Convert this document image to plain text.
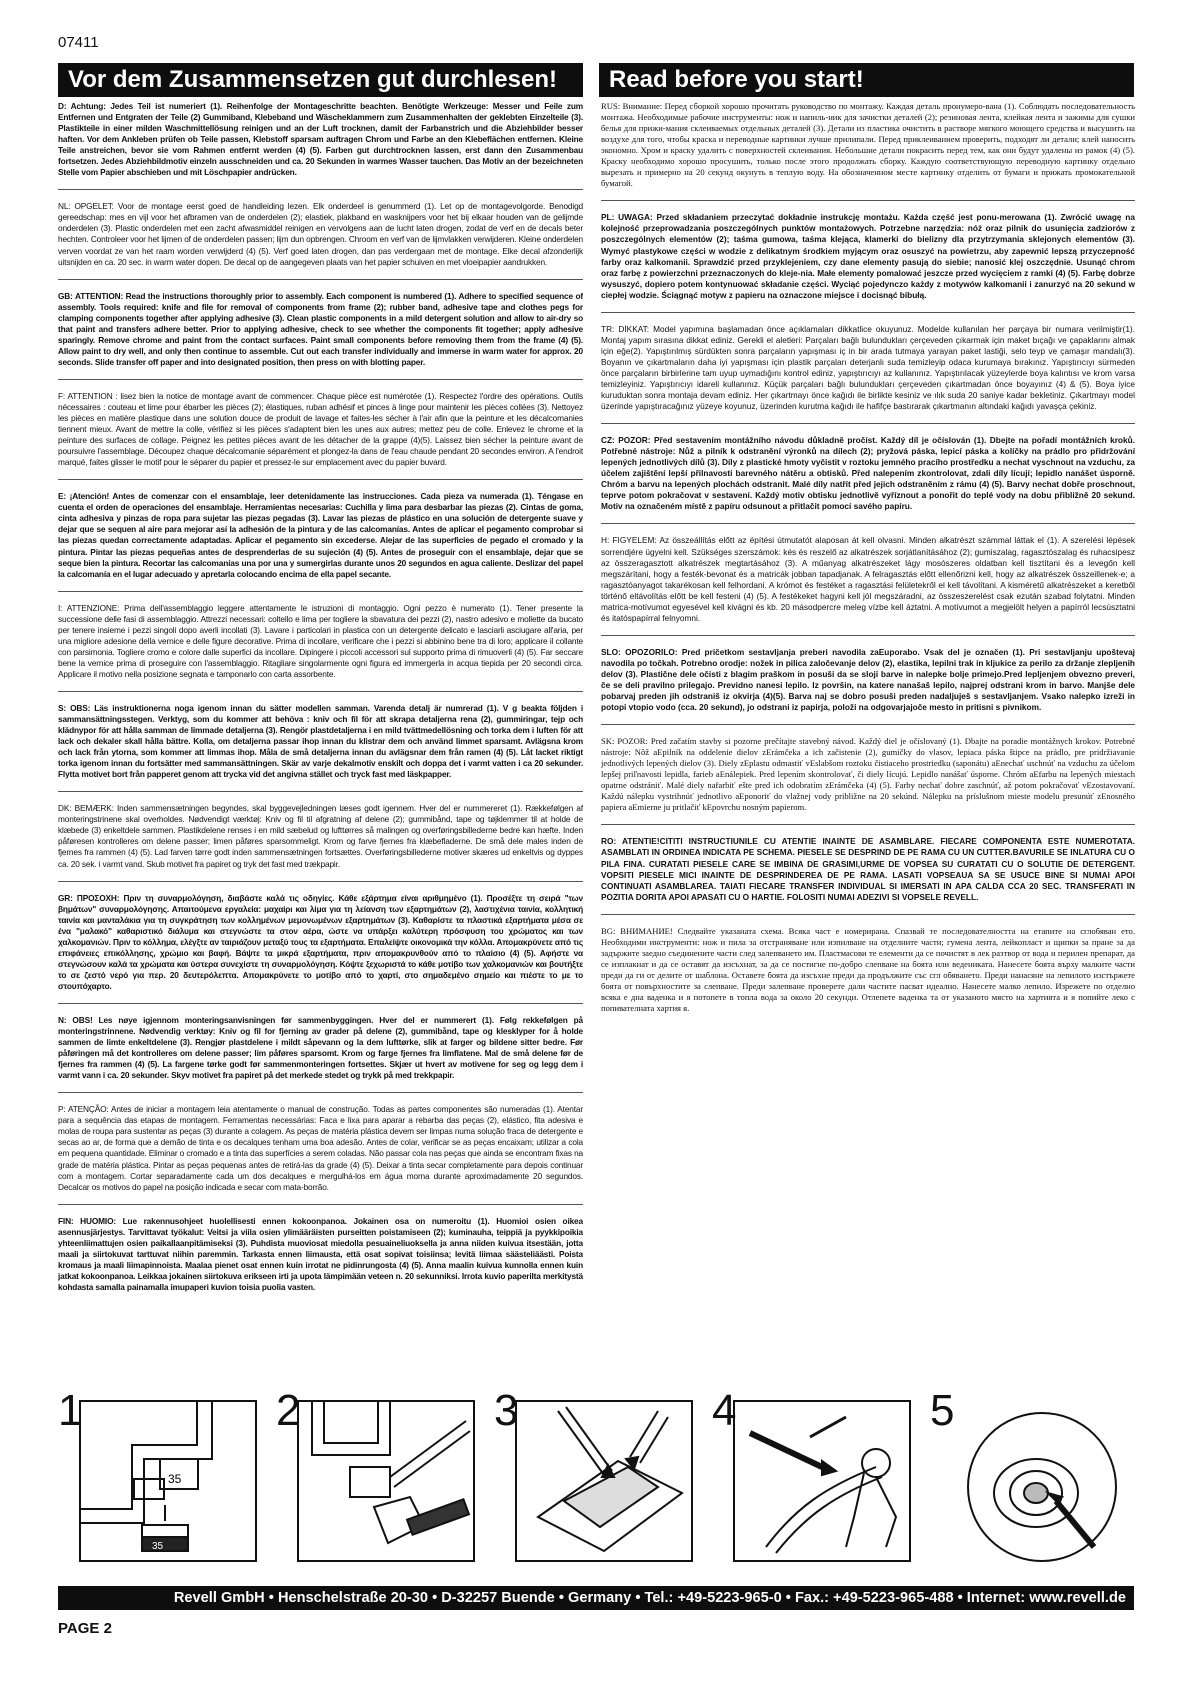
07411
Vor dem Zusammensetzen gut durchlesen!	Read before you start!

D: Achtung: Jedes Teil ist numeriert (1). Reihenfolge der Montageschritte beachten. Benötigte Werkzeuge: Messer und Feile zum Entfernen und Entgraten der Teile (2) Gummiband, Klebeband und Wäscheklammern zum Zusammenhalten der geklebten Einzelteile (3). Plastikteile in einer milden Waschmittellösung reinigen und an der Luft trocknen, damit der Farbanstrich und die Abziehbilder besser haften. Vor dem Ankleben prüfen ob Teile passen, Klebstoff sparsam auftragen Chrom und Farbe an den Klebeflächen entfernen. Kleine Teile anstreichen, bevor sie vom Rahmen entfernt werden (4) (5). Farben gut durchtrocknen lassen, erst dann den Zusammenbau fortsetzen. Jedes Abziehbildmotiv einzeln ausschneiden und ca. 20 Sekunden in warmes Wasser tauchen. Das Motiv an der bezeichneten Stelle vom Papier abschieben und mit Löschpapier andrücken.

NL: OPGELET: Voor de montage eerst goed de handleiding lezen. Elk onderdeel is genummerd (1). Let op de montagevolgorde. Benodigd gereedschap: mes en vijl voor het afbramen van de onderdelen (2); elastiek, plakband en wasknijpers voor het bij elkaar houden van de gelijmde onderdelen (3). Plastic onderdelen met een zacht afwasmiddel reinigen en vervolgens aan de lucht laten drogen, zodat de verf en de decals beter hechten. Controleer voor het lijmen of de onderdelen passen; lijm dun opbrengen. Chroom en verf van de lijmvlakken verwijderen. Kleine onderdelen verven voordat ze van het raam worden verwijderd (4) (5). Verf goed laten drogen, dan pas verdergaan met de montage. Elke decal afzonderlijk uitsnijden en ca. 20 sec. in warm water dopen. De decal op de aangegeven plaats van het papier schuiven en met vloeipapier aandrukken.

GB: ATTENTION: Read the instructions thoroughly prior to assembly. Each component is numbered (1). Adhere to specified sequence of assembly. Tools required: knife and file for removal of components from frame (2); rubber band, adhesive tape and clothes pegs for clamping components together after applying adhesive (3). Clean plastic components in a mild detergent solution and allow to air-dry so that paint and transfers adhere better. Prior to applying adhesive, check to see whether the components fit together; apply adhesive sparingly. Remove chrome and paint from the contact surfaces. Paint small components before removing them from the frame (4) (5). Allow paint to dry well, and only then continue to assemble. Cut out each transfer individually and immerse in warm water for approx. 20 seconds. Slide transfer off paper and into designated position, then press on with blotting paper.

F: ATTENTION : lisez bien la notice de montage avant de commencer. Chaque pièce est numérotée (1). Respectez l'ordre des opérations. Outils nécessaires : couteau et lime pour ébarber les pièces (2); élastiques, ruban adhésif et pinces à linge pour maintenir les pièces collées (3). Nettoyez les pièces en matière plastique dans une solution douce de produit de lavage et faites-les sécher à l'air afin que la peinture et les décalcomanies tiennent mieux. Avant de mettre la colle, vérifiez si les pièces s'adaptent bien les unes aux autres; mettez peu de colle. Enlevez le chrome et la peinture des surfaces de collage. Peignez les petites pièces avant de les détacher de la grappe (4)(5). Laissez bien sécher la peinture avant de poursuivre l'assemblage. Découpez chaque décalcomanie séparément et plongez-la dans de l'eau chaude pendant 20 secondes environ. A l'endroit marqué, faites glisser le motif pour le séparer du papier et pressez-le sur emplacement avec du papier buvard.

E: ¡Atención! Antes de comenzar con el ensamblaje, leer detenidamente las instrucciones. Cada pieza va numerada (1). Téngase en cuenta el orden de operaciones del ensamblaje. Herramientas necesarias: Cuchilla y lima para desbarbar las piezas (2). Cintas de goma, cinta adhesiva y pinzas de ropa para sujetar las piezas pegadas (3). Lavar las piezas de plástico en una solución de detergente suave y dejar que se sequen al aire para mejorar así la adhesión de la pintura y de las calcomanías. Antes de aplicar el pegamento comprobar si las piezas quedan correctamente adaptadas. Aplicar el pegamento sin excederse. Alejar de las superficies de pegado el cromado y la pintura. Pintar las piezas pequeñas antes de desprenderlas de su sujeción (4) (5). Antes de proseguir con el ensamblaje, dejar que se seque bien la pintura. Recortar las calcomanías una por una y sumergirlas durante unos 20 segundos en agua caliente. Deslizar del papel la calcomanía en el lugar adecuado y apretarla colocando encima de ella papel secante.

I: ATTENZIONE: Prima dell'assemblaggio leggere attentamente le istruzioni di montaggio. Ogni pezzo è numerato (1). Tener presente la successione delle fasi di assemblaggio. Attrezzi necessari: coltello e lima per togliere la sbavatura dei pezzi (2), nastro adesivo e mollette da bucato per tenere insieme i pezzi singoli dopo averli incollati (3). Lavare i particolari in plastica con un detergente delicato e lasciarli asciugare all'aria, per una migliore adesione della vernice e delle figure decorative. Prima di incollare, verificare che i pezzi si abbinino bene tra di loro; applicare il collante con parsimonia. Togliere cromo e colore dalle superfici da incollare. Dipingere i piccoli accessori sul supporto prima di rimuoverli (4) (5). Far seccare bene la vernice prima di proseguire con l'assemblaggio. Ritagliare singolarmente ogni figura ed immergerla in acqua tiepida per 20 secondi circa. Applicare il motivo nella posizione segnata e tamponarlo con carta assorbente.

S: OBS: Läs instruktionerna noga igenom innan du sätter modellen samman. Varenda detalj är numrerad (1). V g beakta följden i sammansättningsstegen. Verktyg, som du kommer att behöva : kniv och fil för att skrapa detaljerna rena (2), gummiringar, tejp och klädnypor för att hålla samman de limmade detaljerna (3). Rengör plastdetaljerna i en mild tvättmedellösning och torka dem i luften för att lack och dekaler skall hålla bättre. Kolla, om detaljerna passar ihop innan du klistrar dem och använd limmet sparsamt. Avlägsna krom och lack från ytorna, som kommer att limmas ihop. Måla de små detaljerna innan du avlägsnar dem från ramen (4) (5). Låt lacket riktigt torka igenom innan du fortsätter med sammansättningen. Skär av varje dekalmotiv enskilt och doppa det i varmt vatten i ca 20 sekunder. Flytta motivet bort från papperet genom att trycka vid det angivna stället och tryck fast med läskpapper.

DK: BEMÆRK: Inden sammensætningen begyndes, skal byggevejledningen læses godt igennem. Hver del er nummereret (1). Rækkefølgen af monteringstrinene skal overholdes. Nødvendigt værktøj: Kniv og fil til afgratning af delene (2); gummibånd, tape og tøjklemmer til at holde de klæbede (3) enkeltdele sammen. Plastikdelene renses i en mild sæbelud og lufttørres så malingen og overføringsbillederne bedre kan hæfte. Inden påføresen kontrolleres om delene passer; limen påføres sparsommeligt. Krom og farve fjernes fra klæbefladerne. De små dele males inden de fjernes fra rammen (4) (5). Lad farven tørre godt inden sammensætningen fortsættes. Overføringsbillederne motiver skæres ud enkeltvis og dyppes ca. 20 sek. i varmt vand. Skub motivet fra papiret og tryk det fast med trækpapir.

GR: ΠΡΟΣΟΧΗ: Πριν τη συναρμολόγηση, διαβάστε καλά τις οδηγίες. Κάθε εξάρτημα είναι αριθμημένο (1). Προσέξτε τη σειρά "των βημάτων" συναρμολόγησης. Απαιτούμενα εργαλεία: μαχαίρι και λίμα για τη λείανση των εξαρτημάτων (2), λαστιχένια ταινία, κολλητική ταινία και μανταλάκια για τη συγκράτηση των κολλημένων μεμονωμένων εξαρτημάτων (3). Καθαρίστε τα πλαστικά εξαρτήματα μέσα σε ένα "μαλακό" καθαριστικό διάλυμα και στεγνώστε τα στον αέρα, ώστε να υπάρξει καλύτερη πρόσφυση του χρώματος και των χαλκομανιών. Πριν το κόλλημα, ελέγξτε αν ταιριάζουν μεταξύ τους τα εξαρτήματα. Επαλείψτε οικονομικά την κόλλα. Απομακρύνετε από τις επιφάνειες επικόλλησης, χρώμιο και βαφή. Βάψτε τα μικρά εξαρτήματα, πριν απομακρυνθούν από το πλαίσιο (4) (5). Αφήστε να στεγνώσουν καλά τα χρώματα και ύστερα συνεχίστε τη συναρμολόγηση. Κόψτε ξεχωριστά το κάθε μοτίβο των χαλκομανιών και βουτήξτε το σε ζεστό νερό για περ. 20 δευτερόλεπτα. Απομακρύνετε το μοτίβο από το χαρτί, στο σημαδεμένο σημείο και πιέστε το με το στουπόχαρτο.

N: OBS! Les nøye igjennom monteringsanvisningen før sammenbyggingen. Hver del er nummerert (1). Følg rekkefølgen på monteringstrinnene. Nødvendig verktøy: Kniv og fil for fjerning av grader på delene (2), gummibånd, tape og klesklyper for å holde sammen de limte enkeltdelene (3). Rengjør plastdelene i mildt såpevann og la dem lufttørke, slik at farger og bildene sitter bedre. Før påføringen må det kontrolleres om delene passer; lim påføres sparsomt. Krom og farge fjernes fra limflatene. Mal de små delene før de fjernes fra rammen (4) (5). La fargene tørke godt før sammenmonteringen fortsettes. Skjær ut hvert av motivene for seg og legg dem i varmt vann i ca. 20 sekunder. Skyv motivet fra papiret på det merkede stedet og trykk på med trekkpapir.

P: ATENÇÃO: Antes de iniciar a montagem leia atentamente o manual de construção. Todas as partes componentes são numeradas (1). Atentar para a sequência das etapas de montagem. Ferramentas necessárias: Faca e lixa para aparar a rebarba das peças (2), elástico, fita adesiva e molas de roupa para sustentar as peças (3) durante a colagem. As peças de matéria plástica devem ser limpas numa solução fraca de detergente e secas ao ar, de forma que a demão de tinta e os decalques tenham uma boa adesão. Antes de colar, verificar se as peças encaixam; utilizar a cola em pequena quantidade. Eliminar o cromado e a tinta das superfícies a serem coladas. Não passar cola nas peças que ainda se encontram fixas na grade de matéria plástica. Pintar as peças pequenas antes de retirá-las da grade (4) (5). Deixar a tinta secar completamente para depois continuar com a montagem. Cortar separadamente cada um dos decalques e mergulhá-los em água morna durante aproximadamente 20 segundos. Decalcar os motivos do papel na posição indicada e secar com mata-borrão.

FIN: HUOMIO: Lue rakennusohjeet huolellisesti ennen kokoonpanoa. Jokainen osa on numeroitu (1). Huomioi osien oikea asennusjärjestys. Tarvittavat työkalut: Veitsi ja viila osien ylimääräisten purseitten poistamiseen (2); kuminauha, teippiä ja pyykkipoikia yhteenliimattujen osien paikallaanpitämiseksi (3). Puhdista muoviosat miedolla pesuaineliuoksella ja anna niiden kuivua itsestään, jotta maali ja siirtokuvat tarttuvat niihin paremmin. Tarkasta ennen liimausta, että osat sopivat toisiinsa; levitä liimaa säästeliäästi. Poista kromaus ja maali liimapinnoista. Maalaa pienet osat ennen kuin irrotat ne pidinrungosta (4) (5). Anna maalin kuivua kunnolla ennen kuin jatkat kokoonpanoa. Leikkaa jokainen siirtokuva erikseen irti ja upota lämpimään veteen n. 20 sekunniksi. Irrota kuvio paperilta merkitystä kohdasta samalla painamalla imupaperi kuvion toisia puolia vasten.

RUS: Внимание: Перед сборкой хорошо прочитать руководство по монтажу. Каждая деталь пронумеро-вана (1). Соблюдать последовательность монтажа. Необходимые рабочие инструменты: нож и напиль-ник для зачистки деталей (2); резиновая лента, клейкая лента и зажимы для сушки белья для прижи-мания склеиваемых отдельных деталей (3). Детали из пластика очистить в растворе мягкого моющего средства и высушить на воздухе для того, чтобы краска и переводные картинки лучше прилипали. Перед приклеиванием проверить, подходят ли детали; клей наносить экономно. Хром и краску удалить с поверхностей склеивания. Небольшие детали покрасить перед тем, как они будут удалены из рамок (4) (5). Краску необходимо хорошо просушить, только после этого продолжать сборку. Каждую соответствующую переводную картинку отдельно вырезать и примерно на 20 секунд окунуть в теплую воду. На обозначенном месте картинку отделить от бумаги и прижать промокательной бумагой.

PL: UWAGA: Przed składaniem przeczytać dokładnie instrukcję montażu. Każda część jest ponu-merowana (1). Zwrócić uwagę na kolejność przeprowadzania poszczególnych punktów montażowych. Potrzebne narzędzia: nóż oraz pilnik do usunięcia zadziorów z poszczególnych elementów (2); taśma gumowa, taśma klejąca, klamerki do bielizny dla przytrzymania sklejonych elementów (3). Wymyć plastykowe części w wodzie z delikatnym środkiem myjącym oraz osuszyć na powietrzu, aby zapewnić lepszą przyczepność farby oraz kalkomanii. Sprawdzić przed przyklejeniem, czy dane elementy pasują do siebie; nanosić klej oszczędnie. Usunąć chrom oraz farbę z powierzchni przeznaczonych do kleje-nia. Małe elementy pomalować jeszcze przed wycięciem z ramki (4) (5). Farbę dobrze wysuszyć, dopiero potem kontynuować składanie części. Wyciąć pojedynczo każdy z motywów kalkomanii i zanurzyć na 20 sekund w ciepłej wodzie. Ściągnąć motyw z papieru na oznaczone miejsce i docisnąć bibułą.

TR: DİKKAT: Model yapımına başlamadan önce açıklamaları dikkatlice okuyunuz. Modelde kullanılan her parçaya bir numara verilmiştir(1). Montaj yapım sırasına dikkat ediniz. Gerekli el aletleri: Parçaları bağlı bulundukları çerçeveden çıkarmak için maket bıçağı ve çapaklarını almak için eğe(2). Yapıştırılmış sürdükten sonra parçaların yapışması iç in bir arada tutmaya yarayan paket lastiği, selo teyp ve çamaşır mandalı(3). Boyanın ve çıkartmaların daha iyi yapışması için plastik parçaları deterjanlı suda temizleyip odaca kurumaya bırakınız. Yapıştırıcıyı sürmeden önce parçaların birbirlerine tam uyup uymadığını kontrol ediniz, yapıştırıcıyı az kullanınız. Yapıştırılacak yüzeylerde boya kalıntısı ve krom varsa temizleyiniz. Yapıştırıcıyı idareli kullanınız. Küçük parçaları bağlı bulundukları çerçeveden çıkartmadan önce boyayınız (4) & (5). Boya iyice kuruduktan sonra montaja devam ediniz. Her çıkartmayı önce kağıdı ile birlikte kesiniz ve ılık suda 20 saniye kadar bekletiniz. Çıkartmayı model üzerinde yapıştıracağınız yüzeye koyunuz, üzerinden kurutma kağıdı ile hafifçe bastırarak çıkartmanın altındaki kağıdı yavaşça çekiniz.

CZ: POZOR: Před sestavením montážního návodu důkladně pročíst. Každý díl je očíslován (1). Dbejte na pořadí montážních kroků. Potřebné nástroje: Nůž a pilník k odstranění výronků na dílech (2); pryžová páska, lepicí páska a kolíčky na prádlo pro přidržování lepených jednotlivých dílů (3). Díly z plastické hmoty vyčistit v roztoku jemného pracího prostředku a nechat vyschnout na vzduchu, za účelem zajištění lepší přilnavosti barevného nátěru a obtisků. Před nalepením zkontrolovat, zdali díly lícují; lepidlo nanášet úsporně. Chróm a barvu na lepených plochách odstranit. Malé díly natřít před jejich odstraněním z rámu (4) (5). Barvy nechat dobře proschnout, teprve potom pokračovat v sestavení. Každý motiv obtisku jednotlivě vyříznout a ponořit do teplé vody na dobu přibližně 20 sekund. Motiv na označeném místě z papíru odsunout a přitlačit pomocí savého papíru.

H: FIGYELEM: Az összeállítás előtt az építési útmutatót alaposan át kell olvasni. Minden alkatrészt számmal láttak el (1). A szerelési lépések sorrendjére ügyelni kell. Szükséges szerszámok: kés és reszelő az alkatrészek sorjátlanításához (2); gumiszalag, ragasztószalag és ruhacsipesz az összeragasztott alkatrészek megtartásához (3). A műanyag alkatrészeket lágy mosószeres oldatban kell tisztítani és a levegőn kell megszárítani, hogy a festék-bevonat és a matricák jobban tapadjanak. A felragasztás előtt ellenőrizni kell, hogy az alkatrészek összeillenek-e; a ragasztóanyagot takarékosan kell felhordani. A krómot és festéket a ragasztási felületekről el kell távolítani. A kisméretű alkatrészeket a keretből történő eltávolítás előtt be kell festeni (4) (5). A festékeket hagyni kell jól megszáradni, az összeszerelést csak ezután szabad folytatni. Minden matrica-motívumot egyesével kell kivágni és kb. 20 másodpercre meleg vízbe kell áztatni. A motívumot a megjelölt helyen a papírról lecsúsztatni és itatóspapírral felnyomni.

SLO: OPOZORILO: Pred pričetkom sestavljanja preberi navodila zaEuporabo. Vsak del je označen (1). Pri sestavljanju upoštevaj navodila po točkah. Potrebno orodje: nožek in pilica zaločevanje delov (2), elastika, lepilni trak in kljukice za perilo za držanje zlepljenih delov (3). Plastične dele očisti z blagim praškom in posuši da se sloji barve in nalepke bolje primejo.Pred lepljenjem obvezno preveri, če se deli pravilno prilegajo. Previdno nanesi lepilo. Iz površin, na katere nanašaš lepilo, najprej odstrani krom in barvo. Manjše dele pobarvaj preden jih odstraniš iz okvirja (4)(5). Barva naj se dobro posuši preden nadaljuješ s sestavljanjem. Vsako nalepko izreži in potopi vtopio vodo (cca. 20 sekund), jo odstrani iz papirja, položi na odgovarjajoče mesto in pritisni s pivnikom.

SK: POZOR: Pred začatím stavby si pozorne prečítajte stavebný návod. Každý diel je očíslovaný (1). Dbajte na poradie montážnych krokov. Potrebné nástroje: Nôž aEpilník na oddelenie dielov zErámčeka a ich začistenie (2), gumičky do vlasov, lepiaca páska štipce na prádlo, pre pridržiavanie jednotlivých lepených dielov (3). Diely zEplastu odmastiť vEslabšom roztoku čistiaceho prostriedku (saponátu) aEnechať uschnúť na vzduchu za účelom lepšej priľnavosti lepidla, farieb aEnálepiek. Pred lepením skontrolovať, či diely lícujú. Lepidlo nanášať úsporne. Chróm aEfarbu na lepených miestach opatrne odstrániť. Malé diely nafarbiť ešte pred ich odobratím zErámčeka (4) (5). Farby nechať dobre zaschnúť, až potom pokračovať vEzostavovaní. Každú nálepku vystrihnúť jednotlivo aEponoriť do vlažnej vody približne na 20 sekúnd. Nálepku na príslušnom mieste modelu presunúť zEnosného papiera aEmierne ju pritlačiť kEpovrchu nosným papierom.

RO: ATENTIE!CITITI INSTRUCTIUNILE CU ATENTIE INAINTE DE ASAMBLARE. FIECARE COMPONENTA ESTE NUMEROTATA. ASAMBLATI IN ORDINEA INDICATA PE SCHEMA. PIESELE SE DESPRIND DE PE RAMA CU UN CUTTER.BAVURILE SE INLATURA CU O PILA FINA. CURATATI PIESELE CARE SE IMBINA DE GRASIMI,URME DE VOPSEA SU CURATATI CU O SOLUTIE DE DETERGENT. VOPSITI PIESELE MICI INAINTE DE DESPRINDEREA DE PE RAMA. LASATI VOPSEAUA SA SE USUCE BINE SI NUMAI APOI CONTINUATI ASAMBLAREA. TAIATI FIECARE TRANSFER INDIVIDUAL SI IMERSATI IN APA CALDA CCA 20 SEC. TRANSFERATI IN POZITIA DORITA APOI APASATI CU O HARTIE. FOLOSITI NUMAI ADEZIVI SI VOPSELE REVELL.

BG: ВНИМАНИЕ! Следвайте указаната схема. Всяка част е номерирана. Спазвай те последователността на етапите на сглобяван ето. Необходими инструменти: нож и пила за отстраняване или изпилване на отделните части; гумена лента, лейкопласт и щипки за пране за да задържите заедно съединените части след залепването им. Пластмасови те елементи да се почистят в лек разтвор от вода и перилен препарат, да се изплакнат и да се оставят да изсъхнат, за да се постигне по-добро слепване на боята или ведениката. Нанесете боята върху малките части преди да ги от делите от шаблона. Оставете боята да изсъхне преди да продължите със сгл обяването. Преди нанасяне на лепилото изстържете боята от повърхностите за слепване. Преди залепване проверете дали частите пасват идеално. Нанесете малко лепило. Изрежете по отделно всяка е дна ваденка и я потопете в топла вода за около 20 секунди. Отлепете ваденка та от указаното място на хартията и я попийте леко с попивателната хартия я.

1
35
35
2	3	4	5
Revell GmbH • Henschelstraße 20-30 • D-32257 Buende • Germany • Tel.: +49-5223-965-0 • Fax.: +49-5223-965-488 • Internet: www.revell.de
PAGE 2
